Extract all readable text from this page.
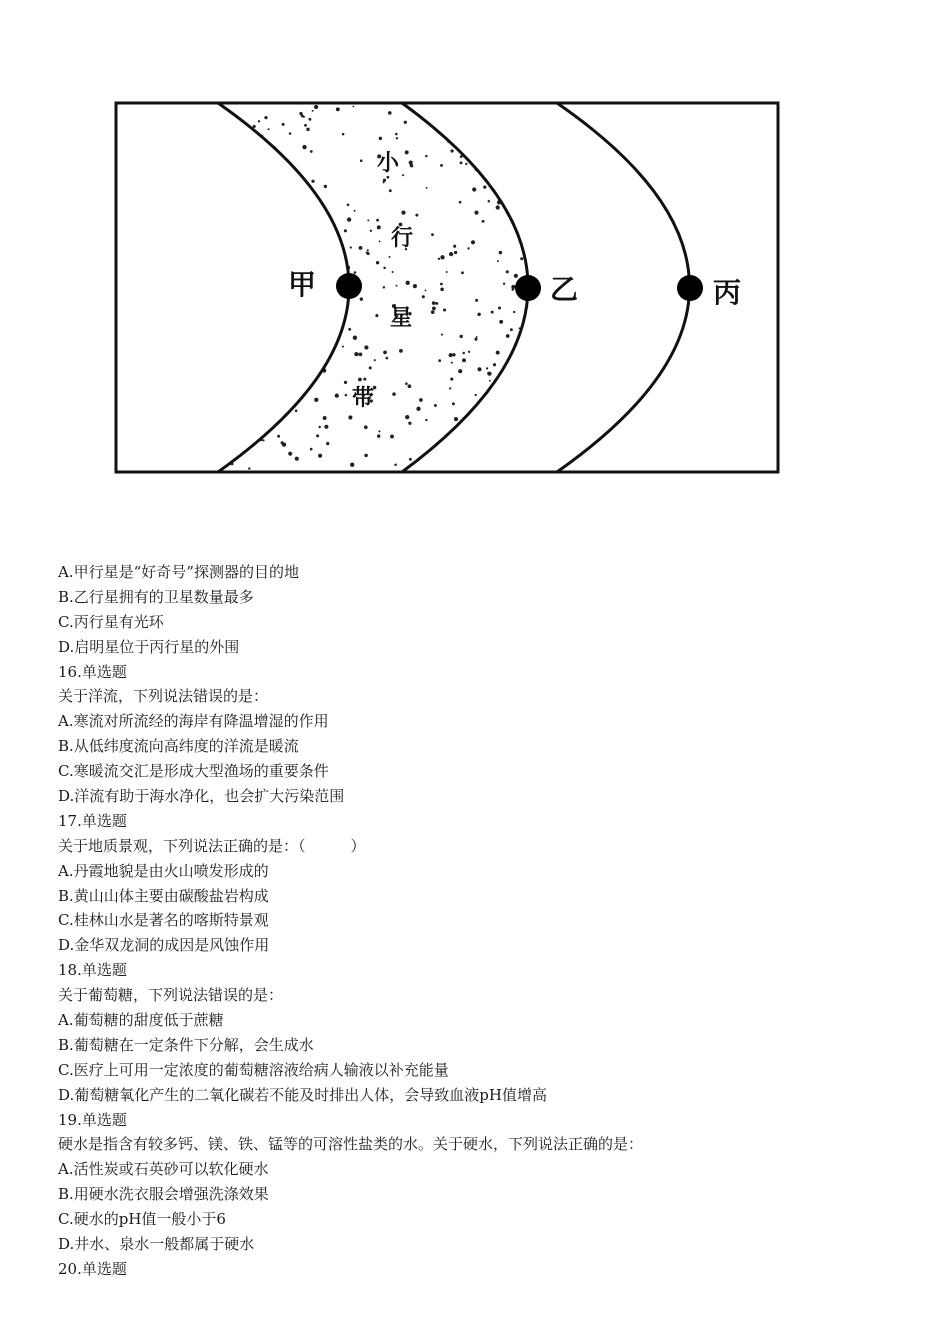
甲	乙	丙
小
行
星
带
A.甲行星是“好奇号”探测器的目的地
B.乙行星拥有的卫星数量最多
C.丙行星有光环
D.启明星位于丙行星的外围
16.单选题
关于洋流，下列说法错误的是：
A.寒流对所流经的海岸有降温增湿的作用
B.从低纬度流向高纬度的洋流是暖流
C.寒暖流交汇是形成大型渔场的重要条件
D.洋流有助于海水净化，也会扩大污染范围
17.单选题
关于地质景观，下列说法正确的是：（　　　）
A.丹霞地貌是由火山喷发形成的
B.黄山山体主要由碳酸盐岩构成
C.桂林山水是著名的喀斯特景观
D.金华双龙洞的成因是风蚀作用
18.单选题
关于葡萄糖，下列说法错误的是：
A.葡萄糖的甜度低于蔗糖
B.葡萄糖在一定条件下分解，会生成水
C.医疗上可用一定浓度的葡萄糖溶液给病人输液以补充能量
D.葡萄糖氧化产生的二氧化碳若不能及时排出人体，会导致血液pH值增高
19.单选题
硬水是指含有较多钙、镁、铁、锰等的可溶性盐类的水。关于硬水，下列说法正确的是：
A.活性炭或石英砂可以软化硬水
B.用硬水洗衣服会增强洗涤效果
C.硬水的pH值一般小于6
D.井水、泉水一般都属于硬水
20.单选题
